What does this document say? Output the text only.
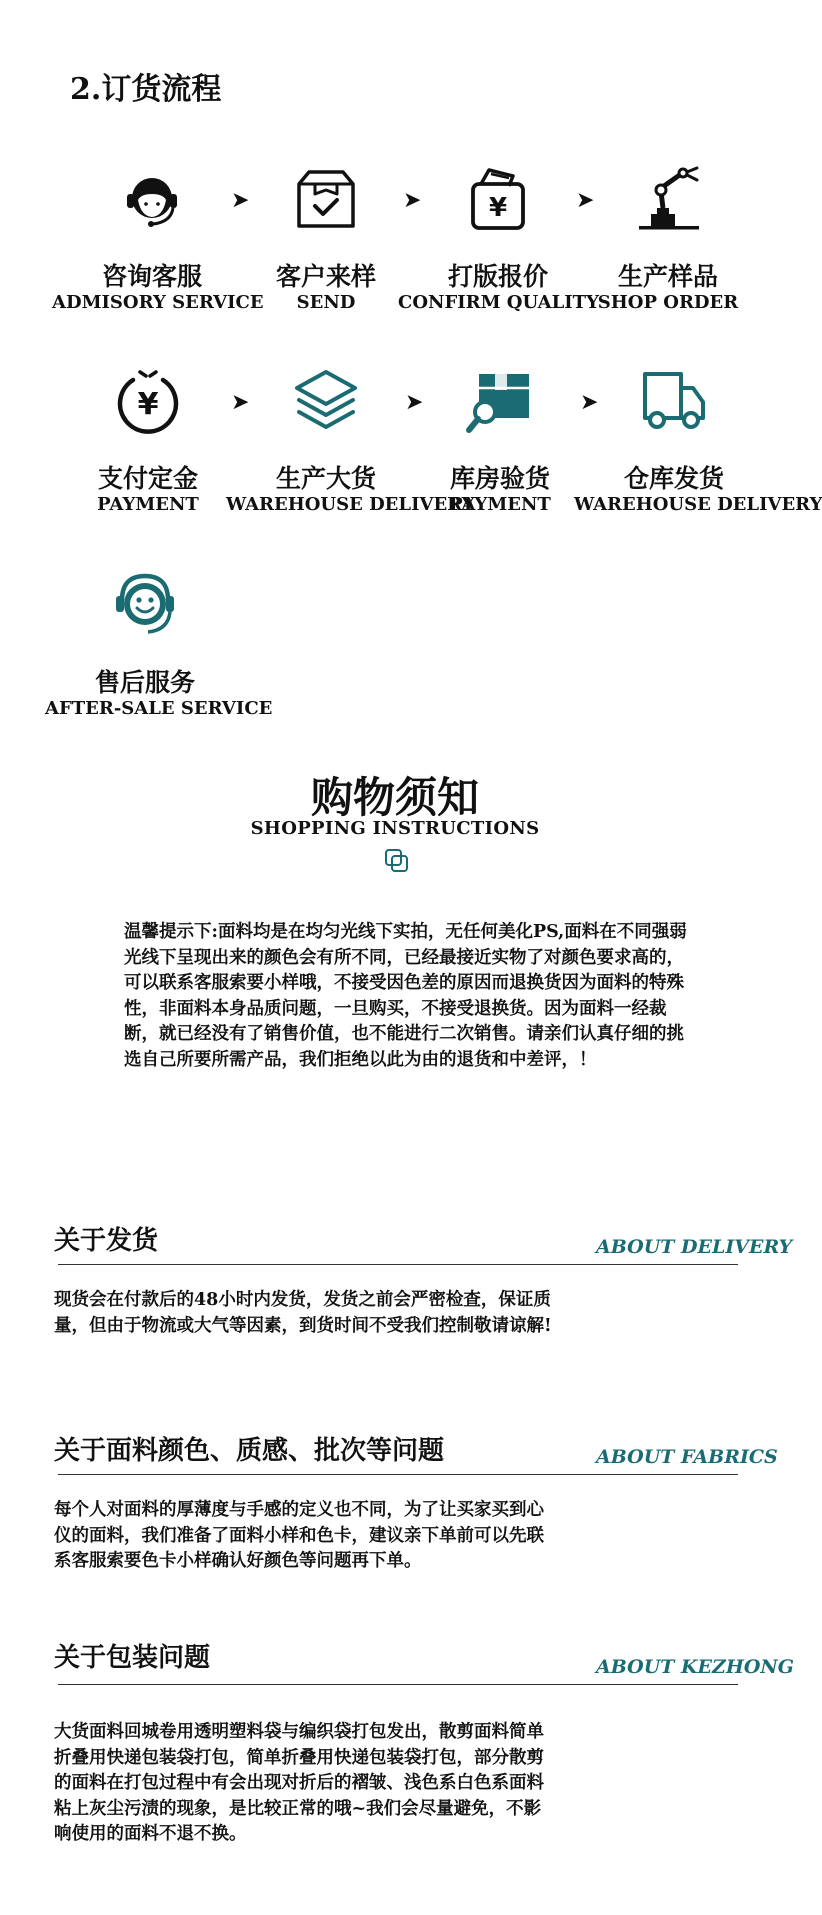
2.订货流程
咨询客服
ADMISORY SERVICE
➤
客户来样
SEND
➤	¥
打版报价
CONFIRM QUALITY
➤
生产样品
SHOP ORDER
¥
支付定金
PAYMENT
➤
生产大货
WAREHOUSE DELIVERY
➤
库房验货
PAYMENT
➤
仓库发货
WAREHOUSE DELIVERY
售后服务
AFTER-SALE SERVICE
购物须知
SHOPPING INSTRUCTIONS
温馨提示下:面料均是在均匀光线下实拍，无任何美化PS,面料在不同强弱光线下呈现出来的颜色会有所不同，已经最接近实物了对颜色要求高的，可以联系客服索要小样哦，不接受因色差的原因而退换货因为面料的特殊性，非面料本身品质问题，一旦购买，不接受退换货。因为面料一经裁断，就已经没有了销售价值，也不能进行二次销售。请亲们认真仔细的挑选自己所要所需产品，我们拒绝以此为由的退货和中差评，！
关于发货	ABOUT DELIVERY
现货会在付款后的48小时内发货，发货之前会严密检查，保证质量，但由于物流或大气等因素，到货时间不受我们控制敬请谅解!
关于面料颜色、质感、批次等问题	ABOUT FABRICS
每个人对面料的厚薄度与手感的定义也不同，为了让买家买到心仪的面料，我们准备了面料小样和色卡，建议亲下单前可以先联系客服索要色卡小样确认好颜色等问题再下单。
关于包装问题	ABOUT KEZHONG
大货面料回城卷用透明塑料袋与编织袋打包发出，散剪面料简单折叠用快递包装袋打包，简单折叠用快递包装袋打包，部分散剪的面料在打包过程中有会出现对折后的褶皱、浅色系白色系面料粘上灰尘污渍的现象，是比较正常的哦~我们会尽量避免，不影响使用的面料不退不换。
